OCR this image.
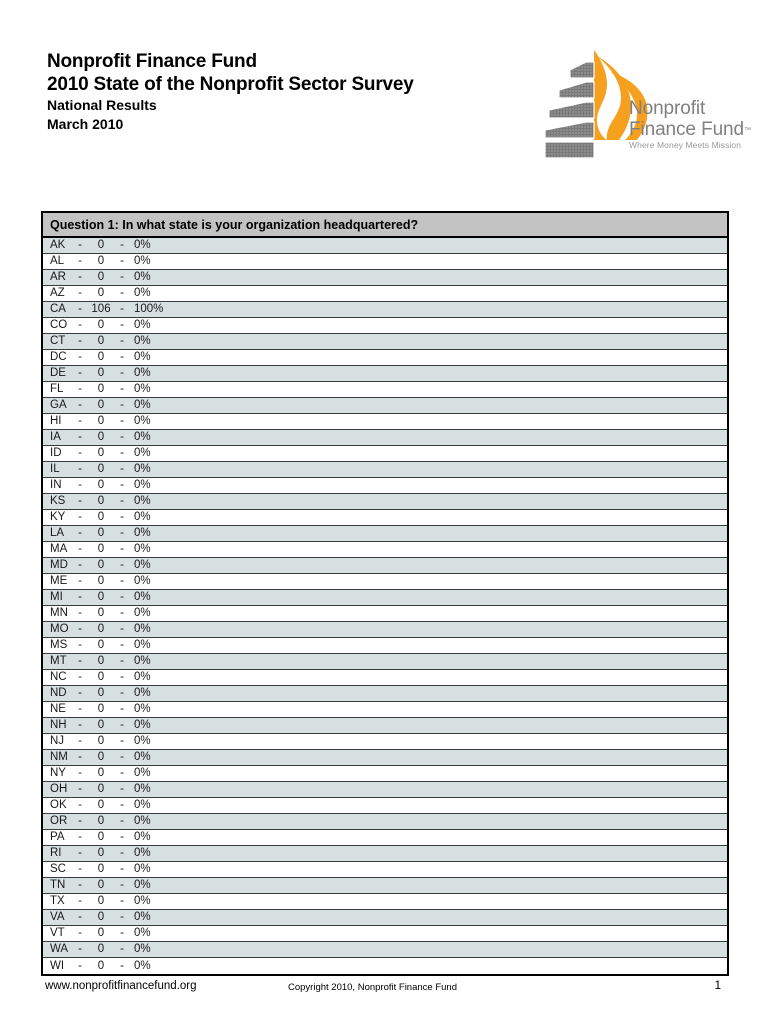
Nonprofit Finance Fund
2010 State of the Nonprofit Sector Survey
National Results
March 2010
Nonprofit
Finance Fund™
Where Money Meets Mission
Question 1: In what state is your organization headquartered?
AK	-	0	- 0%
AL	-	0	- 0%
AR	-	0	- 0%
AZ	-	0	- 0%
CA	- 106 - 100%
CO -	0	- 0%
CT	-	0	- 0%
DC -	0	- 0%
DE	-	0	- 0%
FL	-	0	- 0%
GA -	0	- 0%
HI	-	0	- 0%
IA	-	0	- 0%
ID	-	0	- 0%
IL	-	0	- 0%
IN	-	0	- 0%
KS	-	0	- 0%
KY	-	0	- 0%
LA	-	0	- 0%
MA -	0	- 0%
MD -	0	- 0%
ME -	0	- 0%
MI	-	0	- 0%
MN -	0	- 0%
MO -	0	- 0%
MS -	0	- 0%
MT -	0	- 0%
NC -	0	- 0%
ND -	0	- 0%
NE	-	0	- 0%
NH -	0	- 0%
NJ	-	0	- 0%
NM -	0	- 0%
NY	-	0	- 0%
OH -	0	- 0%
OK -	0	- 0%
OR -	0	- 0%
PA	-	0	- 0%
RI	-	0	- 0%
SC	-	0	- 0%
TN	-	0	- 0%
TX	-	0	- 0%
VA	-	0	- 0%
VT	-	0	- 0%
WA -	0	- 0%
WI	-	0	- 0%
www.nonprofitfinancefund.org	Copyright 2010, Nonprofit Finance Fund	1
